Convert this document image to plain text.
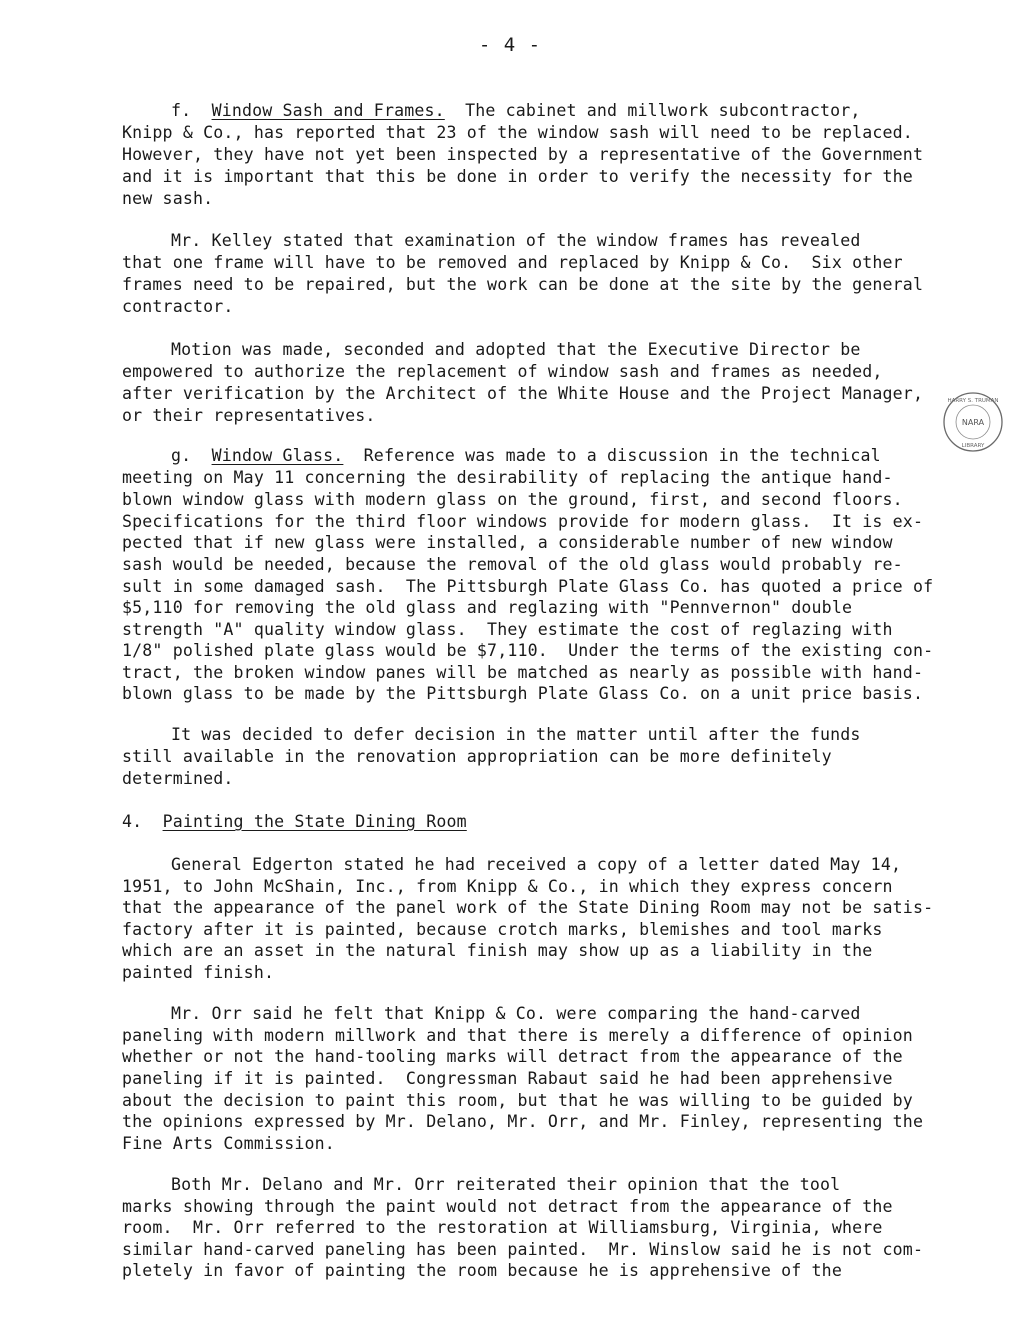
- 4 -
f.  Window Sash and Frames.  The cabinet and millwork subcontractor,
Knipp & Co., has reported that 23 of the window sash will need to be replaced.
However, they have not yet been inspected by a representative of the Government
and it is important that this be done in order to verify the necessity for the
new sash.
Mr. Kelley stated that examination of the window frames has revealed
that one frame will have to be removed and replaced by Knipp & Co.  Six other
frames need to be repaired, but the work can be done at the site by the general
contractor.
Motion was made, seconded and adopted that the Executive Director be
empowered to authorize the replacement of window sash and frames as needed,
after verification by the Architect of the White House and the Project Manager,
or their representatives.	NARA
HARRY S. TRUMAN
LIBRARY
g.  Window Glass.  Reference was made to a discussion in the technical
meeting on May 11 concerning the desirability of replacing the antique hand-
blown window glass with modern glass on the ground, first, and second floors.
Specifications for the third floor windows provide for modern glass.  It is ex-
pected that if new glass were installed, a considerable number of new window
sash would be needed, because the removal of the old glass would probably re-
sult in some damaged sash.  The Pittsburgh Plate Glass Co. has quoted a price of
$5,110 for removing the old glass and reglazing with "Pennvernon" double
strength "A" quality window glass.  They estimate the cost of reglazing with
1/8" polished plate glass would be $7,110.  Under the terms of the existing con-
tract, the broken window panes will be matched as nearly as possible with hand-
blown glass to be made by the Pittsburgh Plate Glass Co. on a unit price basis.
It was decided to defer decision in the matter until after the funds
still available in the renovation appropriation can be more definitely
determined.
4.  Painting the State Dining Room
General Edgerton stated he had received a copy of a letter dated May 14,
1951, to John McShain, Inc., from Knipp & Co., in which they express concern
that the appearance of the panel work of the State Dining Room may not be satis-
factory after it is painted, because crotch marks, blemishes and tool marks
which are an asset in the natural finish may show up as a liability in the
painted finish.
Mr. Orr said he felt that Knipp & Co. were comparing the hand-carved
paneling with modern millwork and that there is merely a difference of opinion
whether or not the hand-tooling marks will detract from the appearance of the
paneling if it is painted.  Congressman Rabaut said he had been apprehensive
about the decision to paint this room, but that he was willing to be guided by
the opinions expressed by Mr. Delano, Mr. Orr, and Mr. Finley, representing the
Fine Arts Commission.
Both Mr. Delano and Mr. Orr reiterated their opinion that the tool
marks showing through the paint would not detract from the appearance of the
room.  Mr. Orr referred to the restoration at Williamsburg, Virginia, where
similar hand-carved paneling has been painted.  Mr. Winslow said he is not com-
pletely in favor of painting the room because he is apprehensive of the
